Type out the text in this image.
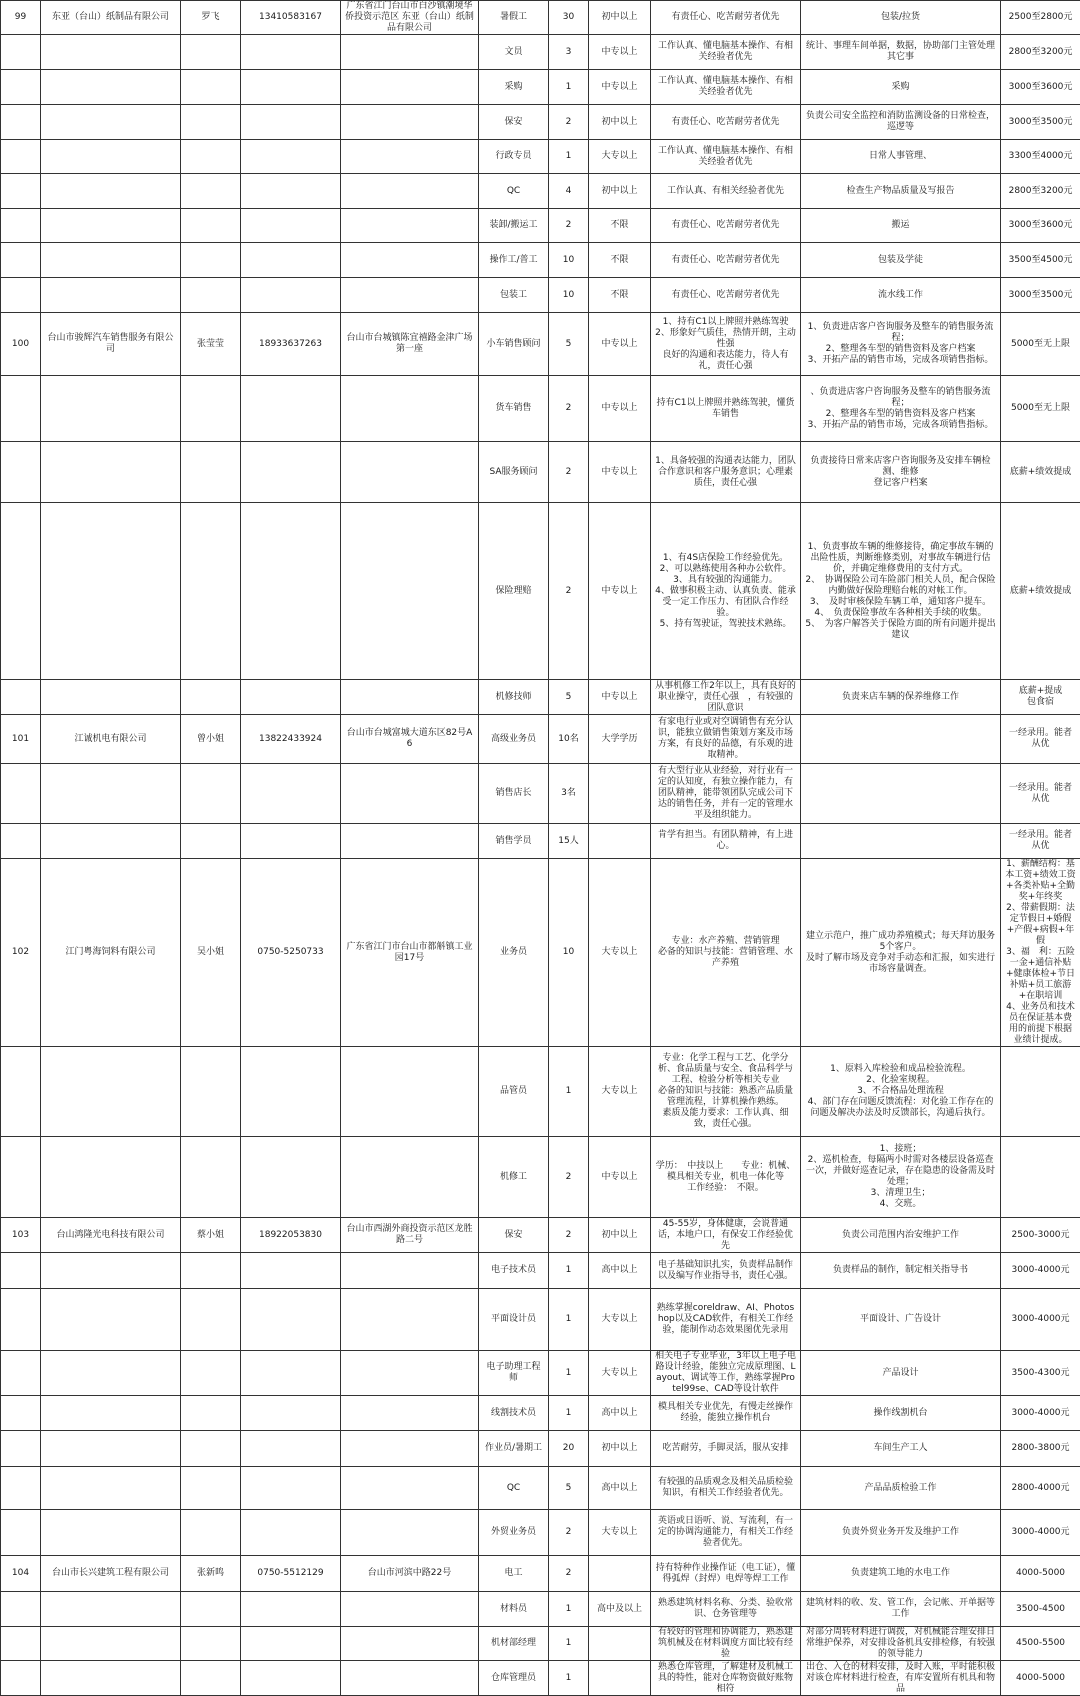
99	东亚（台山）纸制品有限公司	罗飞	13410583167	广东省江门台山市白沙镇潮境华侨投资示范区 东亚（台山）纸制品有限公司	暑假工	30	初中以上	有责任心、吃苦耐劳者优先	包装/拉货	2500至2800元
					文员	3	中专以上	工作认真、懂电脑基本操作、有相关经验者优先	统计、事理车间单据，数据，协助部门主管处理其它事	2800至3200元
					采购	1	中专以上	工作认真、懂电脑基本操作、有相关经验者优先	采购	3000至3600元
					保安	2	初中以上	有责任心、吃苦耐劳者优先	负责公司安全监控和消防监测设备的日常检查，巡逻等	3000至3500元
					行政专员	1	大专以上	工作认真、懂电脑基本操作、有相关经验者优先	日常人事管理、	3300至4000元
					QC	4	初中以上	工作认真、有相关经验者优先	检查生产物品质量及写报告	2800至3200元
					装卸/搬运工	2	不限	有责任心、吃苦耐劳者优先	搬运	3000至3600元
					操作工/普工	10	不限	有责任心、吃苦耐劳者优先	包装及学徒	3500至4500元
					包装工	10	不限	有责任心、吃苦耐劳者优先	流水线工作	3000至3500元
100	台山市骏辉汽车销售服务有限公司	张莹莹	18933637263	台山市台城镇陈宜禧路金津广场第一座	小车销售顾问	5	中专以上	1、持有C1以上牌照并熟练驾驶
2、形象好气质佳，热情开朗，主动性强
良好的沟通和表达能力，待人有礼，责任心强	1、负责进店客户咨询服务及整车的销售服务流程；
2、整理各车型的销售资料及客户档案
3、开拓产品的销售市场，完成各项销售指标。	5000至无上限
					货车销售	2	中专以上	持有C1以上牌照并熟练驾驶，懂货车销售	、负责进店客户咨询服务及整车的销售服务流程；
2、整理各车型的销售资料及客户档案
3、开拓产品的销售市场，完成各项销售指标。	5000至无上限
					SA服务顾问	2	中专以上	1、具备较强的沟通表达能力，团队合作意识和客户服务意识；心理素质佳，责任心强	负责接待日常来店客户咨询服务及安排车辆检测、维修
登记客户档案	底薪+绩效提成
					保险理赔	2	中专以上	1、有4S店保险工作经验优先。
2、可以熟练使用各种办公软件。
3、具有较强的沟通能力。
4、做事积极主动、认真负责、能承受一定工作压力、有团队合作经验。
5、持有驾驶证，驾驶技术熟练。	1、负责事故车辆的维修接待，确定事故车辆的出险性质，判断维修类别，对事故车辆进行估价，并确定维修费用的支付方式。
2、　协调保险公司车险部门相关人员，配合保险内勤做好保险理赔台帐的对帐工作。
3、　及时审核保险车辆工单，通知客户提车。
4、　负责保险事故车各种相关手续的收集。
5、　为客户解答关于保险方面的所有问题并提出建议	底薪+绩效提成
					机修技师	5	中专以上	从事机修工作2年以上，具有良好的职业操守，责任心强　，有较强的团队意识	负责来店车辆的保养维修工作	底薪+提成
包食宿
101	江诚机电有限公司	曾小姐	13822433924	台山市台城富城大道东区82号A6	高级业务员	10名	大学学历	有家电行业或对空调销售有充分认识，能独立做销售策划方案及市场方案，有良好的品德，有乐观的进取精神。		一经录用。能者从优
					销售店长	3名		有大型行业从业经验，对行业有一定的认知度，有独立操作能力，有团队精神，能带领团队完成公司下达的销售任务，并有一定的管理水平及组织能力。		一经录用。能者从优
					销售学员	15人		肯学有担当。有团队精神，有上进心。		一经录用。能者从优
102	江门粤海饲料有限公司	吴小姐	0750-5250733	广东省江门市台山市都斛镇工业园17号	业务员	10	大专以上	专业：水产养殖、营销管理
必备的知识与技能：营销管理、水产养殖	建立示范户，推广成功养殖模式；每天拜访服务5个客户。
及时了解市场及竞争对手动态和汇报，如实进行市场容量调查。	1、薪酬结构：基本工资+绩效工资+各类补贴+全勤奖+年终奖
2、带薪假期：法定节假日+婚假+产假+病假+年假
3、福　利：五险一金+通信补贴+健康体检+节日补贴+员工旅游+在职培训
4、业务员和技术员在保证基本费用的前提下根据业绩计提成。
					品管员	1	大专以上	专业：化学工程与工艺、化学分析、食品质量与安全、食品科学与工程、检验分析等相关专业
必备的知识与技能：熟悉产品质量管理流程，计算机操作熟练。
素质及能力要求：工作认真、细致，责任心强。	1、原料入库检验和成品检验流程。
2、化验室规程。
3、不合格品处理流程
4、部门存在问题反馈流程：对化验工作存在的问题及解决办法及时反馈部长，沟通后执行。	
					机修工	2	中专以上	学历：　中技以上　　专业：机械、模具相关专业，机电一体化等
工作经验：　不限。	1、接班；
2、巡机检查，每隔两小时需对各楼层设备巡查一次，并做好巡查记录，存在隐患的设备需及时处理；
3、清理卫生；
4、交班。	
103	台山鸿隆光电科技有限公司	蔡小姐	18922053830	台山市西湖外商投资示范区龙胜路二号	保安	2	初中以上	45-55岁，身体健康，会说普通话，本地户口，有保安工作经验优先	负责公司范围内治安维护工作	2500-3000元
					电子技术员	1	高中以上	电子基础知识扎实，负责样品制作以及编写作业指导书，责任心强。	负责样品的制作，制定相关指导书	3000-4000元
					平面设计员	1	大专以上	熟练掌握coreldraw、AI、Photoshop以及CAD软件，有相关工作经验，能制作动态效果图优先录用	平面设计、广告设计	3000-4000元
					电子助理工程师	1	大专以上	相关电子专业毕业，3年以上电子电路设计经验，能独立完成原理图、Layout、调试等工作，熟练掌握Protel99se、CAD等设计软件	产品设计	3500-4300元
					线割技术员	1	高中以上	模具相关专业优先，有慢走丝操作经验，能独立操作机台	操作线割机台	3000-4000元
					作业员/暑期工	20	初中以上	吃苦耐劳，手脚灵活，服从安排	车间生产工人	2800-3800元
					QC	5	高中以上	有较强的品质观念及相关品质检验知识，有相关工作经验者优先。	产品品质检验工作	2800-4000元
					外贸业务员	2	大专以上	英语或日语听、说、写流利，有一定的协调沟通能力，有相关工作经验者优先。	负责外贸业务开发及维护工作	3000-4000元
104	台山市长兴建筑工程有限公司	张新鸣	0750-5512129	台山市河滨中路22号	电工	2		持有特种作业操作证（电工证），懂得弧焊（封焊）电焊等焊工工作	负责建筑工地的水电工作	4000-5000
					材料员	1	高中及以上	熟悉建筑材料名称、分类、验收常识、仓务管理等	建筑材料的收、发、管工作，会记帐、开单据等工作	3500-4500
					机材部经理	1		有较好的管理和协调能力，熟悉建筑机械及在材料调度方面比较有经验	对部分周转材料进行调拨，对机械能合理安排日常维护保养，对安排设备机具安排检修，有较强的领导能力	4500-5500
					仓库管理员	1		熟悉仓库管理，了解建材及机械工具的特性，能对仓库物资做好账物相符	出仓、入仓的材料安排，及时入账，平时能积极对该仓库材料进行检查，有库安置所有机具和物品	4000-5000
